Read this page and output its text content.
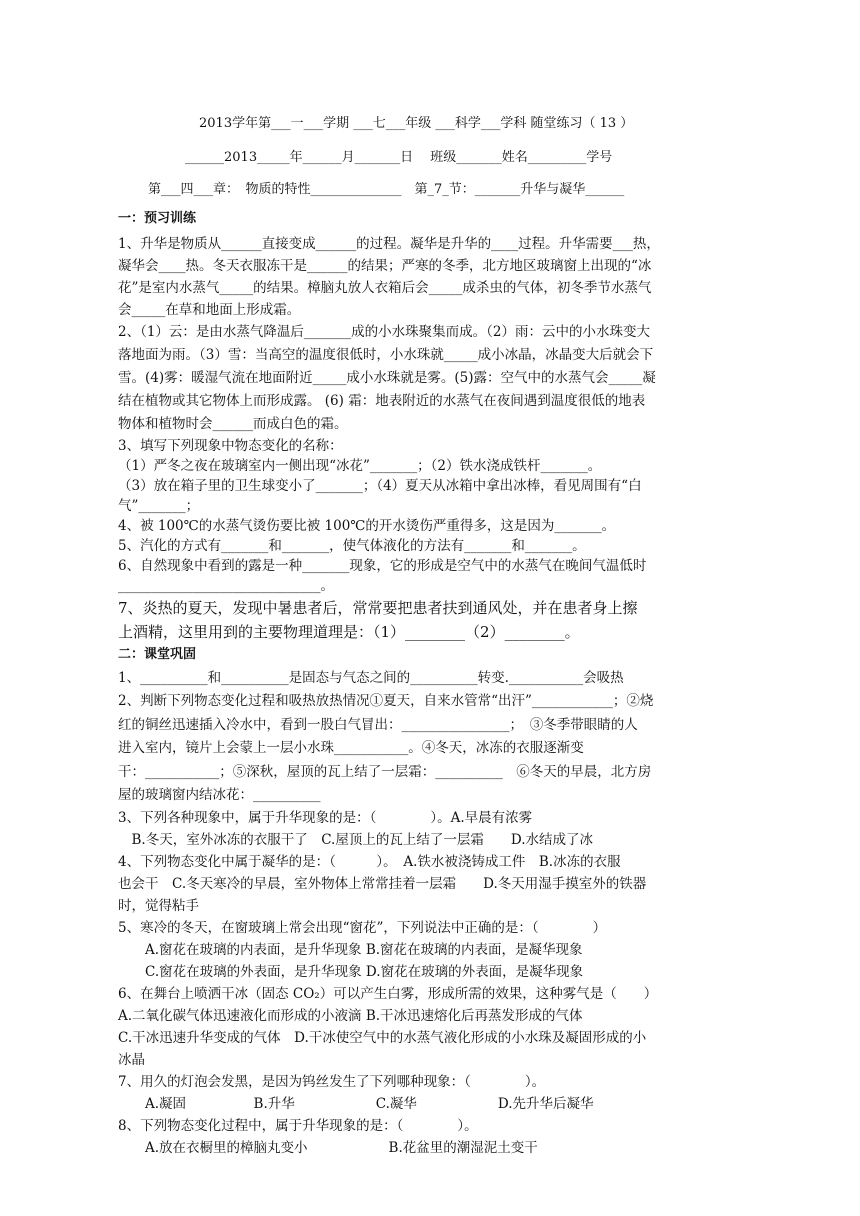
2013学年第___一___学期 ___七___年级 ___科学___学科 随堂练习（ 13 ）
______2013_____年______月_______日　 班级_______姓名_________学号
第___四___章：　物质的特性______________　第_7_节：_______升华与凝华______
一：预习训练
1、升华是物质从______直接变成______的过程。凝华是升华的____过程。升华需要___热，
凝华会____热。冬天衣服冻干是______的结果；严寒的冬季，北方地区玻璃窗上出现的“冰
花”是室内水蒸气_____的结果。樟脑丸放人衣箱后会_____成杀虫的气体，初冬季节水蒸气
会_____在草和地面上形成霜。
2、（1）云：是由水蒸气降温后_______成的小水珠聚集而成。（2）雨：云中的小水珠变大
落地面为雨。（3）雪：当高空的温度很低时，小水珠就_____成小冰晶，冰晶变大后就会下
雪。(4)雾：暖湿气流在地面附近_____成小水珠就是雾。(5)露：空气中的水蒸气会_____凝
结在植物或其它物体上而形成露。 (6) 霜：地表附近的水蒸气在夜间遇到温度很低的地表
物体和植物时会______而成白色的霜。
3、填写下列现象中物态变化的名称：
（1）严冬之夜在玻璃室内一侧出现“冰花”_______；（2）铁水浇成铁杆_______。
（3）放在箱子里的卫生球变小了_______；（4）夏天从冰箱中拿出冰棒，看见周围有“白
气”_______；
4、被 100℃的水蒸气烫伤要比被 100℃的开水烫伤严重得多，这是因为_______。
5、汽化的方式有_______和_______，使气体液化的方法有_______和_______。
6、自然现象中看到的露是一种_______现象，它的形成是空气中的水蒸气在晚间气温低时
______________________________。
7、炎热的夏天，发现中暑患者后，常常要把患者扶到通风处，并在患者身上擦
上酒精，这里用到的主要物理道理是：（1）________（2）________。
二：课堂巩固
1、__________和__________是固态与气态之间的__________转变.___________会吸热
2、判断下列物态变化过程和吸热放热情况①夏天，自来水管常“出汗”____________；②烧
红的铜丝迅速插入冷水中，看到一股白气冒出：________________；　③冬季带眼睛的人
进入室内，镜片上会蒙上一层小水珠___________。④冬天，冰冻的衣服逐渐变
干：___________；⑤深秋，屋顶的瓦上结了一层霜：__________　⑥冬天的早晨，北方房
屋的玻璃窗内结冰花：__________
3、下列各种现象中，属于升华现象的是：（　　　　）。A.早晨有浓雾
　B.冬天，室外冰冻的衣服干了　C.屋顶上的瓦上结了一层霜　　D.水结成了冰
4、下列物态变化中属于凝华的是：（　　　）。　A.铁水被浇铸成工件　B.冰冻的衣服
也会干　C.冬天寒冷的早晨，室外物体上常常挂着一层霜　　D.冬天用湿手摸室外的铁器
时，觉得粘手
5、寒冷的冬天，在窗玻璃上常会出现“窗花”，下列说法中正确的是：（　　　　）
　　A.窗花在玻璃的内表面，是升华现象 B.窗花在玻璃的内表面，是凝华现象
　　C.窗花在玻璃的外表面，是升华现象 D.窗花在玻璃的外表面，是凝华现象
6、在舞台上喷洒干冰（固态 CO₂）可以产生白雾，形成所需的效果，这种雾气是（　　）
A.二氧化碳气体迅速液化而形成的小液滴 B.干冰迅速熔化后再蒸发形成的气体
C.干冰迅速升华变成的气体　D.干冰使空气中的水蒸气液化形成的小水珠及凝固形成的小
冰晶
7、用久的灯泡会发黑，是因为钨丝发生了下列哪种现象：（　　　　）。
　　A.凝固　　　　　B.升华　　　　　　C.凝华　　　　　　D.先升华后凝华
8、下列物态变化过程中，属于升华现象的是：（　　　　）。
　　A.放在衣橱里的樟脑丸变小　　　　　　B.花盆里的潮湿泥土变干
